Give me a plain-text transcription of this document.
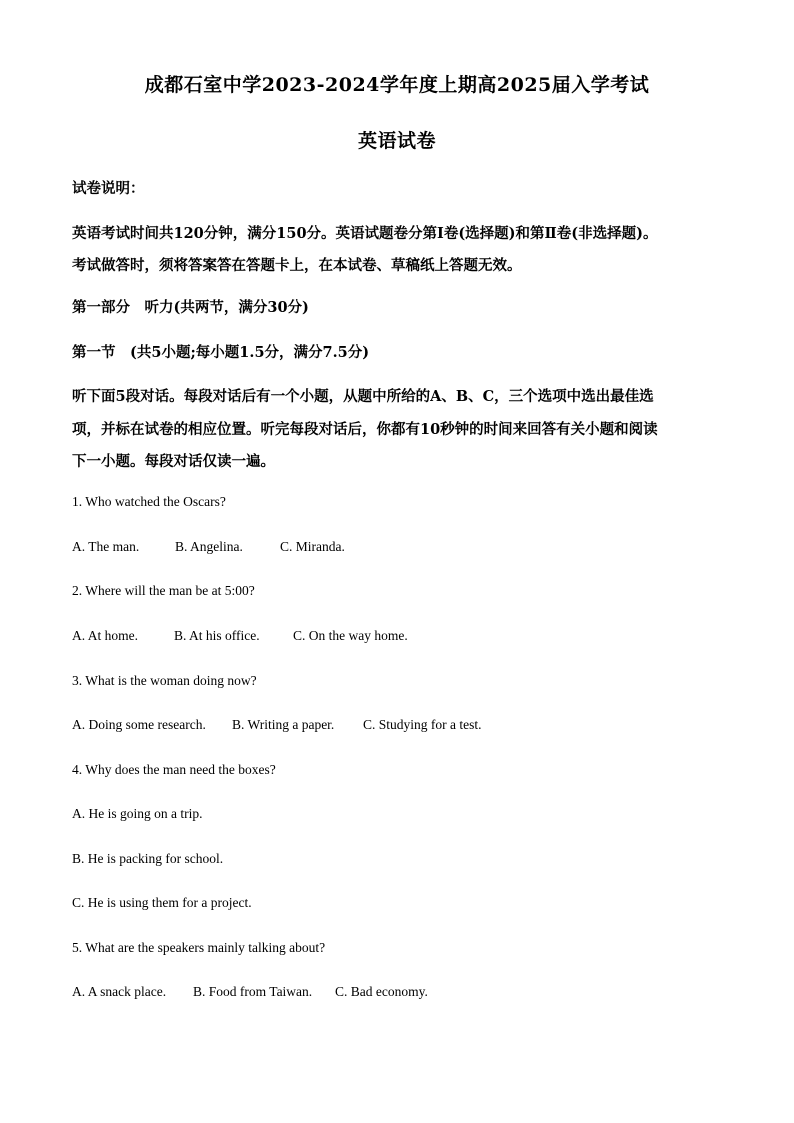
成都石室中学2023-2024学年度上期高2025届入学考试
英语试卷
试卷说明：
英语考试时间共120分钟，满分150分。英语试题卷分第Ⅰ卷(选择题)和第Ⅱ卷(非选择题)。
考试做答时，须将答案答在答题卡上，在本试卷、草稿纸上答题无效。
第一部分　听力(共两节，满分30分)
第一节　(共5小题;每小题1.5分，满分7.5分)
听下面5段对话。每段对话后有一个小题，从题中所给的A、B、C，三个选项中选出最佳选
项，并标在试卷的相应位置。听完每段对话后，你都有10秒钟的时间来回答有关小题和阅读
下一小题。每段对话仅读一遍。
1. Who watched the Oscars?
A. The man.	B. Angelina.	C. Miranda.
2. Where will the man be at 5:00?
A. At home.	B. At his office. C. On the way home.
3. What is the woman doing now?
A. Doing some research. B. Writing a paper. C. Studying for a test.
4. Why does the man need the boxes?
A. He is going on a trip.
B. He is packing for school.
C. He is using them for a project.
5. What are the speakers mainly talking about?
A. A snack place. B. Food from Taiwan. C. Bad economy.
